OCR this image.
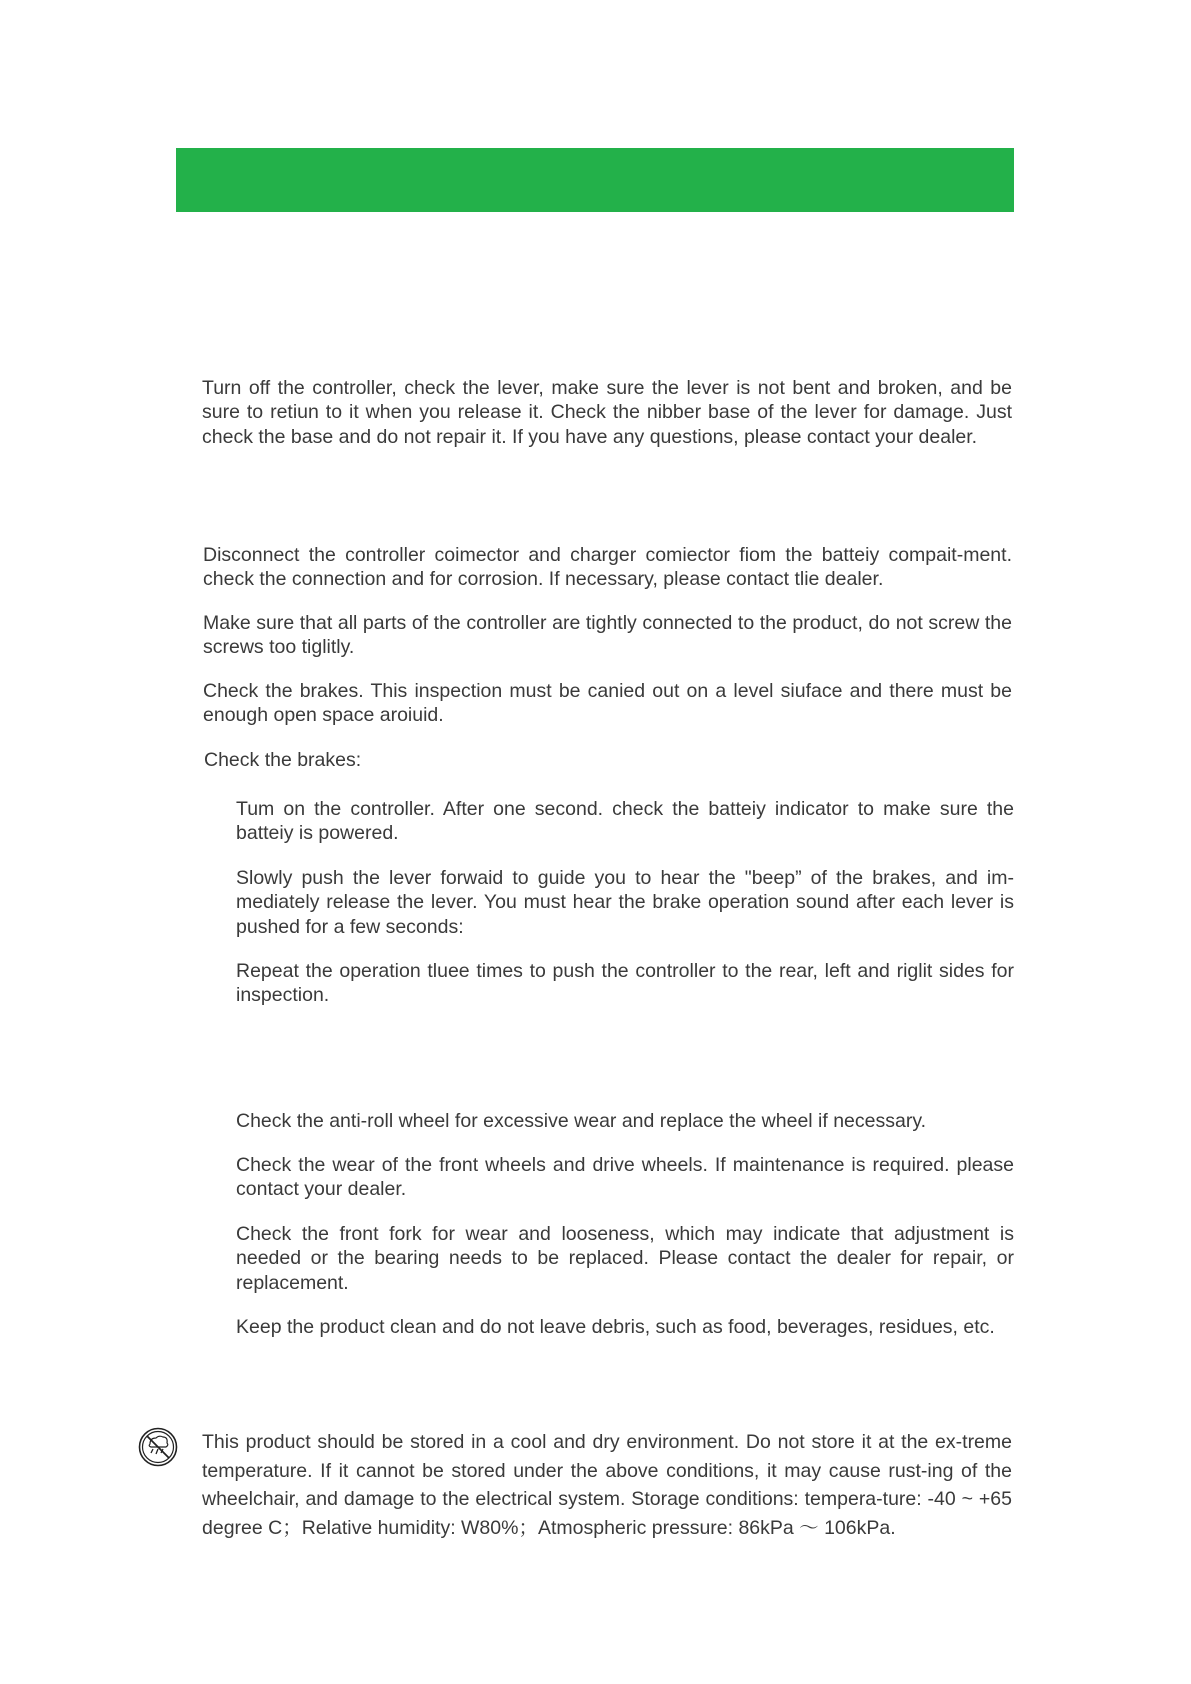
Turn off the controller, check the lever, make sure the lever is not bent and broken, and be sure to retiun to it when you release it. Check the nibber base of the lever for damage. Just check the base and do not repair it. If you have any questions, please contact your dealer.

Disconnect the controller coimector and charger comiector fiom the batteiy compait-ment. check the connection and for corrosion. If necessary, please contact tlie dealer.

Make sure that all parts of the controller are tightly connected to the product, do not screw the screws too tiglitly.

Check the brakes. This inspection must be canied out on a level siuface and there must be enough open space aroiuid.

Check the brakes:

Tum on the controller. After one second. check the batteiy indicator to make sure the batteiy is powered.

Slowly push the lever forwaid to guide you to hear the "beep” of the brakes, and im-mediately release the lever. You must hear the brake operation sound after each lever is pushed for a few seconds:

Repeat the operation tluee times to push the controller to the rear, left and riglit sides for inspection.

Check the anti-roll wheel for excessive wear and replace the wheel if necessary.

Check the wear of the front wheels and drive wheels. If maintenance is required. please contact your dealer.

Check the front fork for wear and looseness, which may indicate that adjustment is needed or the bearing needs to be replaced. Please contact the dealer for repair, or replacement.

Keep the product clean and do not leave debris, such as food, beverages, residues, etc.

This product should be stored in a cool and dry environment. Do not store it at the ex-treme temperature. If it cannot be stored under the above conditions, it may cause rust-ing of the wheelchair, and damage to the electrical system. Storage conditions: tempera-ture: -40 ~ +65 degree C；Relative humidity: W80%；Atmospheric pressure: 86kPa ～ 106kPa.
